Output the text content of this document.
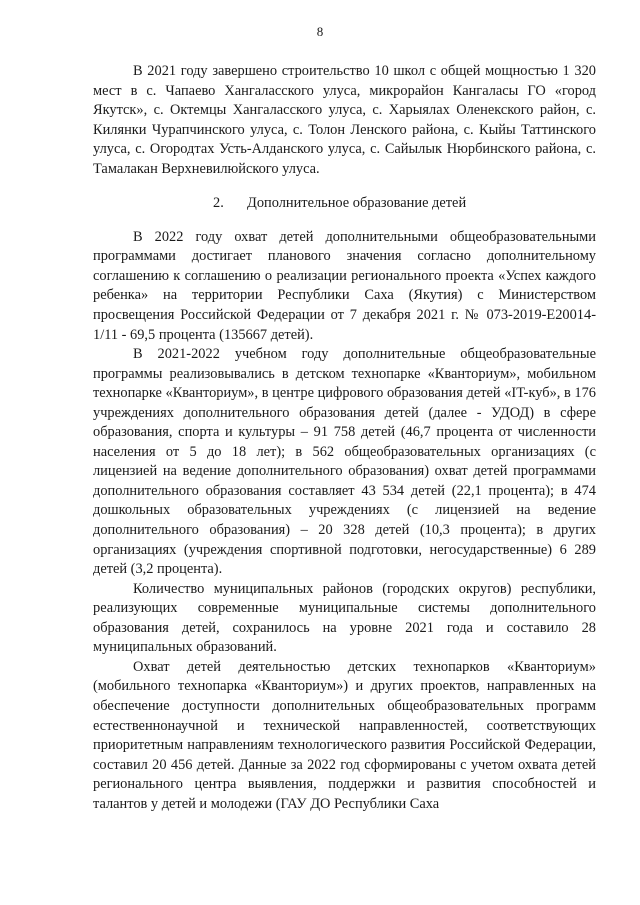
8

В 2021 году завершено строительство 10 школ с общей мощностью 1 320 мест в с. Чапаево Хангаласского улуса, микрорайон Кангаласы ГО «город Якутск», с. Октемцы Хангаласского улуса, с. Харыялах Оленекского район, с. Килянки Чурапчинского улуса, с. Толон Ленского района, с. Кыйы Таттинского улуса, с. Огородтах Усть-Алданского улуса, с. Сайылык Нюрбинского района, с. Тамалакан Верхневилюйского улуса.

2. Дополнительное образование детей

В 2022 году охват детей дополнительными общеобразовательными программами достигает планового значения согласно дополнительному соглашению к соглашению о реализации регионального проекта «Успех каждого ребенка» на территории Республики Саха (Якутия) с Министерством просвещения Российской Федерации от 7 декабря 2021 г. № 073-2019-Е20014-1/11 - 69,5 процента (135667 детей).

В 2021-2022 учебном году дополнительные общеобразовательные программы реализовывались в детском технопарке «Кванториум», мобильном технопарке «Кванториум», в центре цифрового образования детей «IT-куб», в 176 учреждениях дополнительного образования детей (далее - УДОД) в сфере образования, спорта и культуры – 91 758 детей (46,7 процента от численности населения от 5 до 18 лет); в 562 общеобразовательных организациях (с лицензией на ведение дополнительного образования) охват детей программами дополнительного образования составляет 43 534 детей (22,1 процента); в 474 дошкольных образовательных учреждениях (с лицензией на ведение дополнительного образования) – 20 328 детей (10,3 процента); в других организациях (учреждения спортивной подготовки, негосударственные) 6 289 детей (3,2 процента).

Количество муниципальных районов (городских округов) республики, реализующих современные муниципальные системы дополнительного образования детей, сохранилось на уровне 2021 года и составило 28 муниципальных образований.

Охват детей деятельностью детских технопарков «Кванториум» (мобильного технопарка «Кванториум») и других проектов, направленных на обеспечение доступности дополнительных общеобразовательных программ естественнонаучной и технической направленностей, соответствующих приоритетным направлениям технологического развития Российской Федерации, составил 20 456 детей. Данные за 2022 год сформированы с учетом охвата детей регионального центра выявления, поддержки и развития способностей и талантов у детей и молодежи (ГАУ ДО Республики Саха
